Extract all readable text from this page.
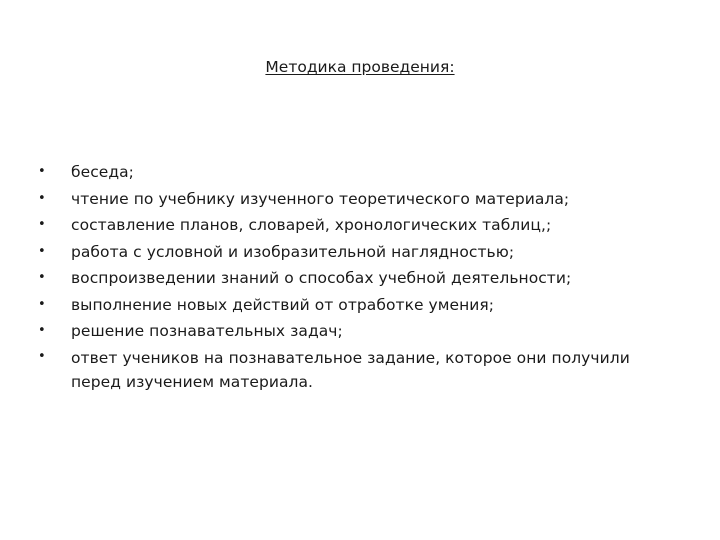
Методика проведения:
• беседа;
• чтение по учебнику изученного теоретического материала;
• составление планов, словарей, хронологических таблиц,;
• работа с условной и изобразительной наглядностью;
• воспроизведении знаний о способах учебной деятельности;
• выполнение новых действий от отработке умения;
• решение познавательных задач;
• ответ учеников на познавательное задание, которое они получили перед изучением материала.
